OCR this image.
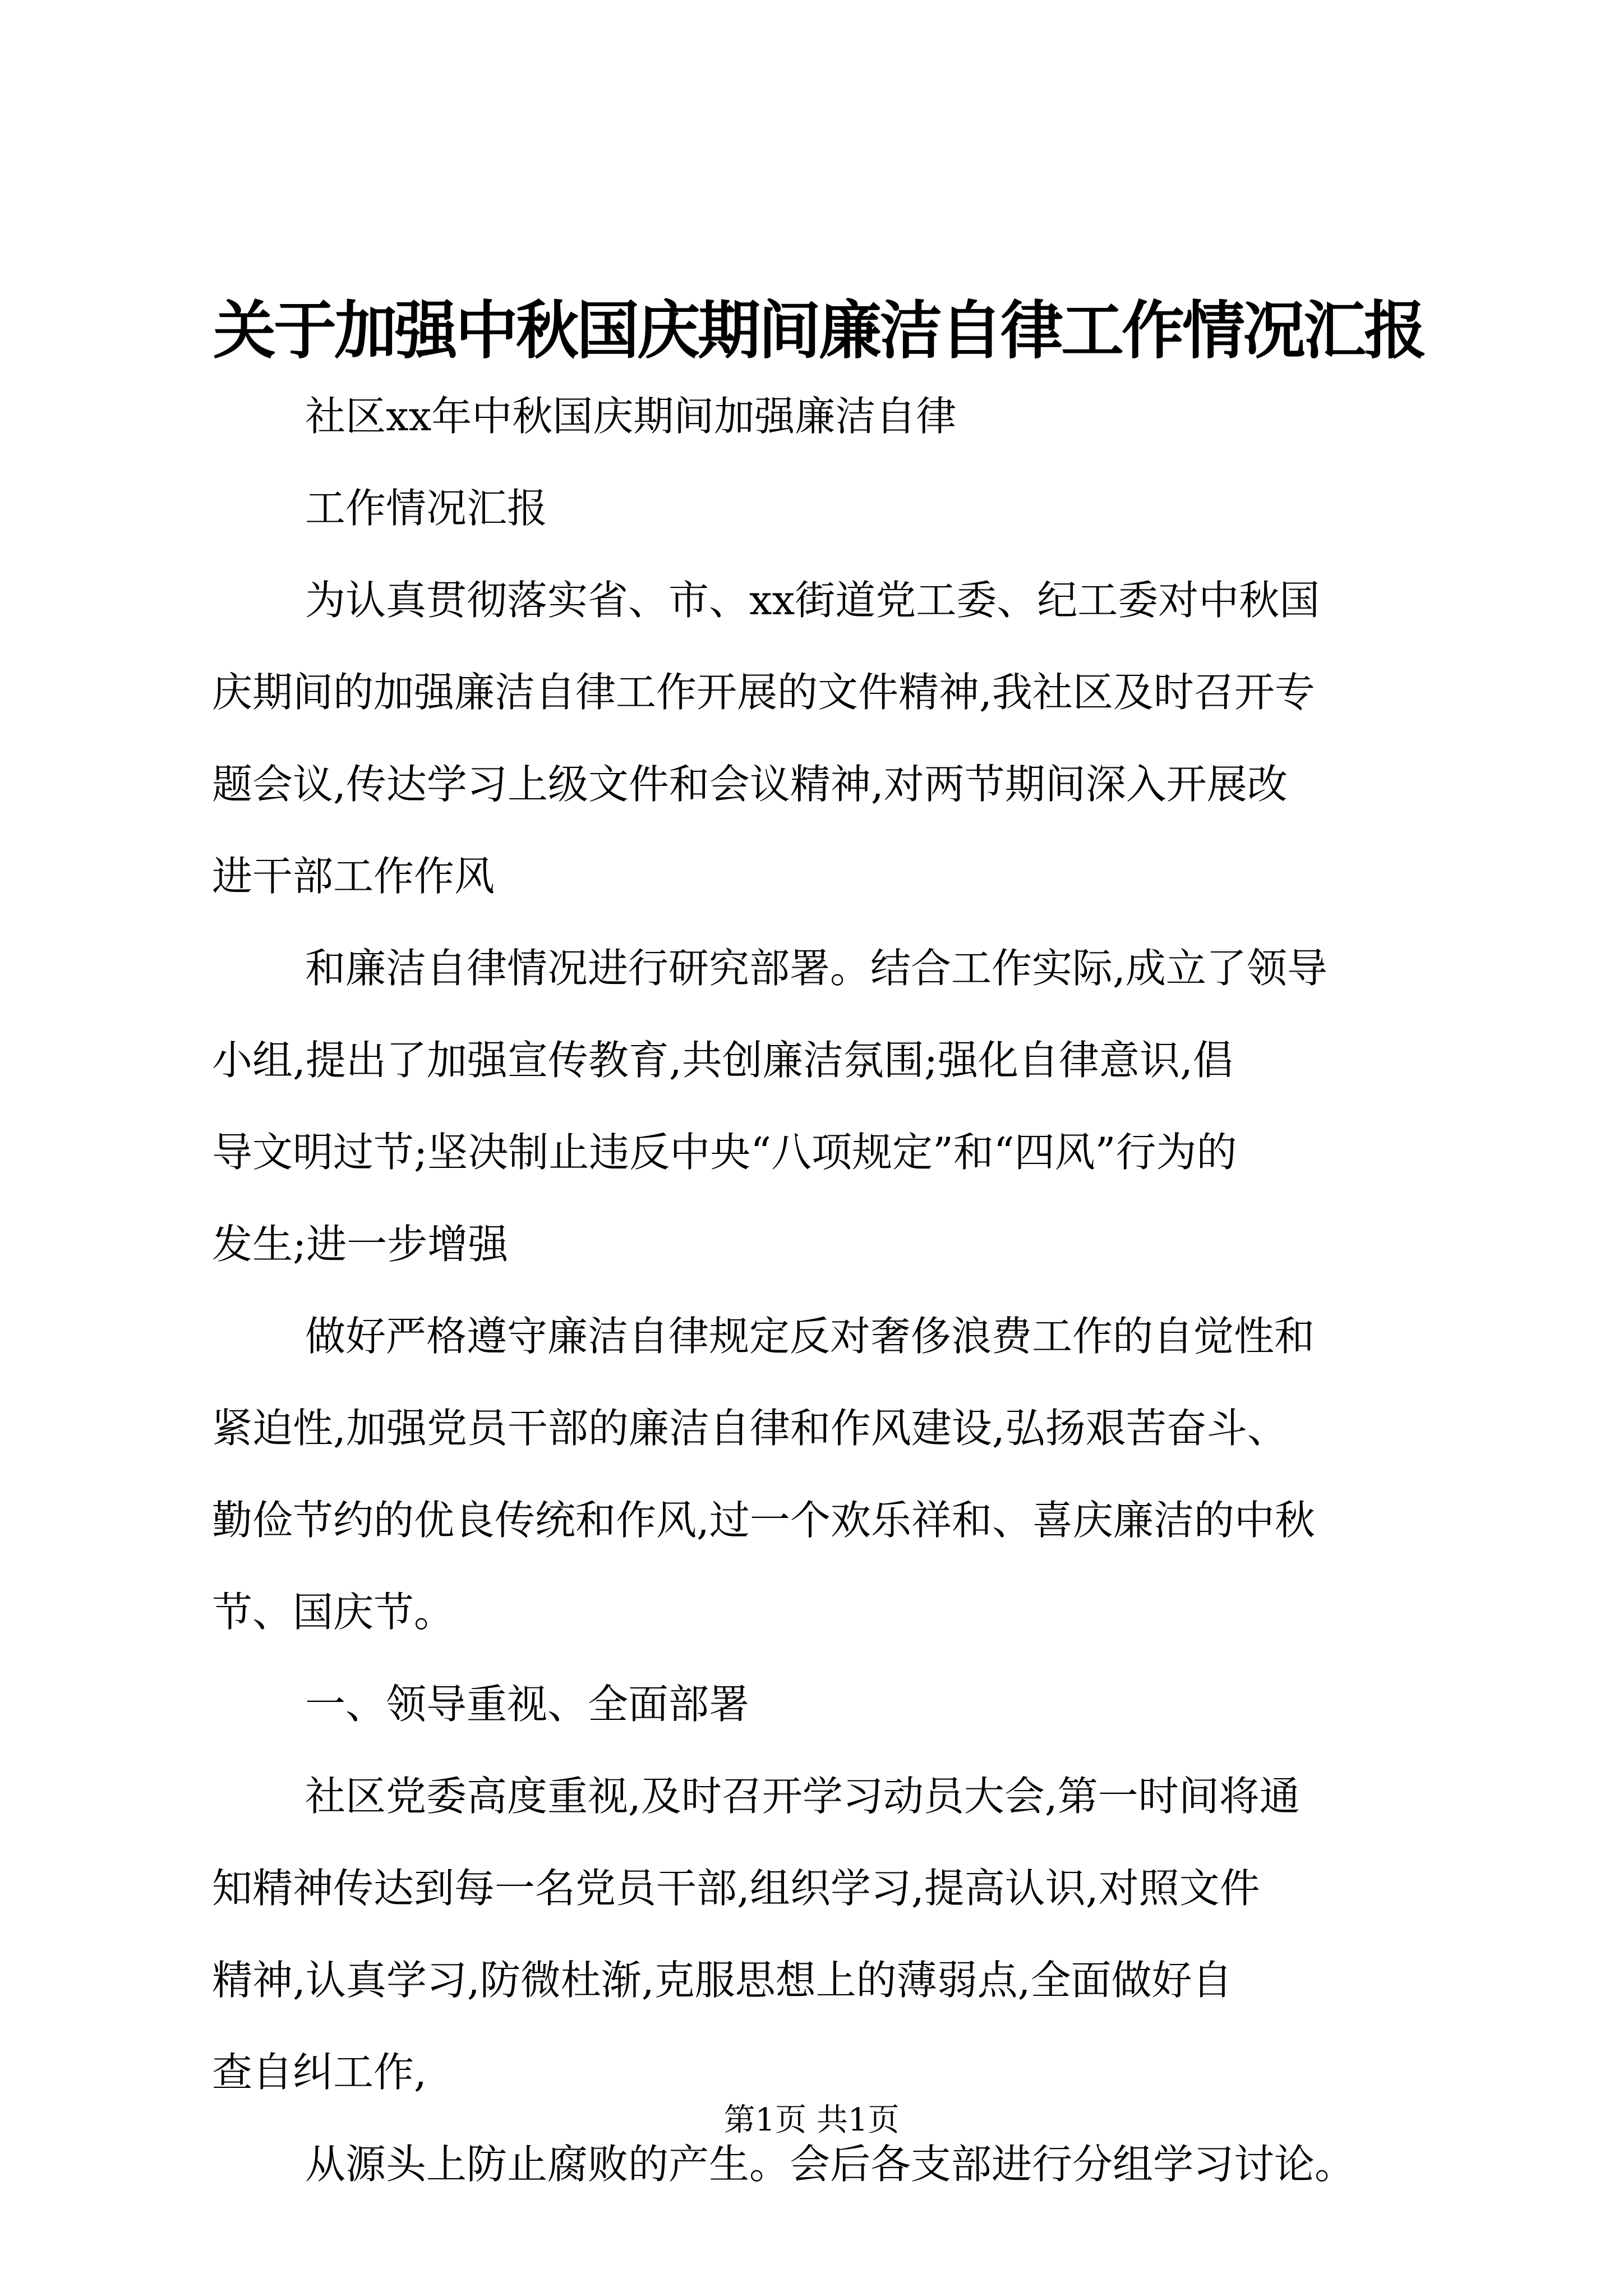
关于加强中秋国庆期间廉洁自律工作情况汇报

社区xx年中秋国庆期间加强廉洁自律

工作情况汇报

为认真贯彻落实省、市、xx街道党工委、纪工委对中秋国

庆期间的加强廉洁自律工作开展的文件精神,我社区及时召开专

题会议,传达学习上级文件和会议精神,对两节期间深入开展改

进干部工作作风

和廉洁自律情况进行研究部署。结合工作实际,成立了领导

小组,提出了加强宣传教育,共创廉洁氛围;强化自律意识,倡

导文明过节;坚决制止违反中央“八项规定”和“四风”行为的

发生;进一步增强

做好严格遵守廉洁自律规定反对奢侈浪费工作的自觉性和

紧迫性,加强党员干部的廉洁自律和作风建设,弘扬艰苦奋斗、

勤俭节约的优良传统和作风,过一个欢乐祥和、喜庆廉洁的中秋

节、国庆节。

一、领导重视、全面部署

社区党委高度重视,及时召开学习动员大会,第一时间将通

知精神传达到每一名党员干部,组织学习,提高认识,对照文件

精神,认真学习,防微杜渐,克服思想上的薄弱点,全面做好自

查自纠工作,

从源头上防止腐败的产生。会后各支部进行分组学习讨论。

第1页 共1页
